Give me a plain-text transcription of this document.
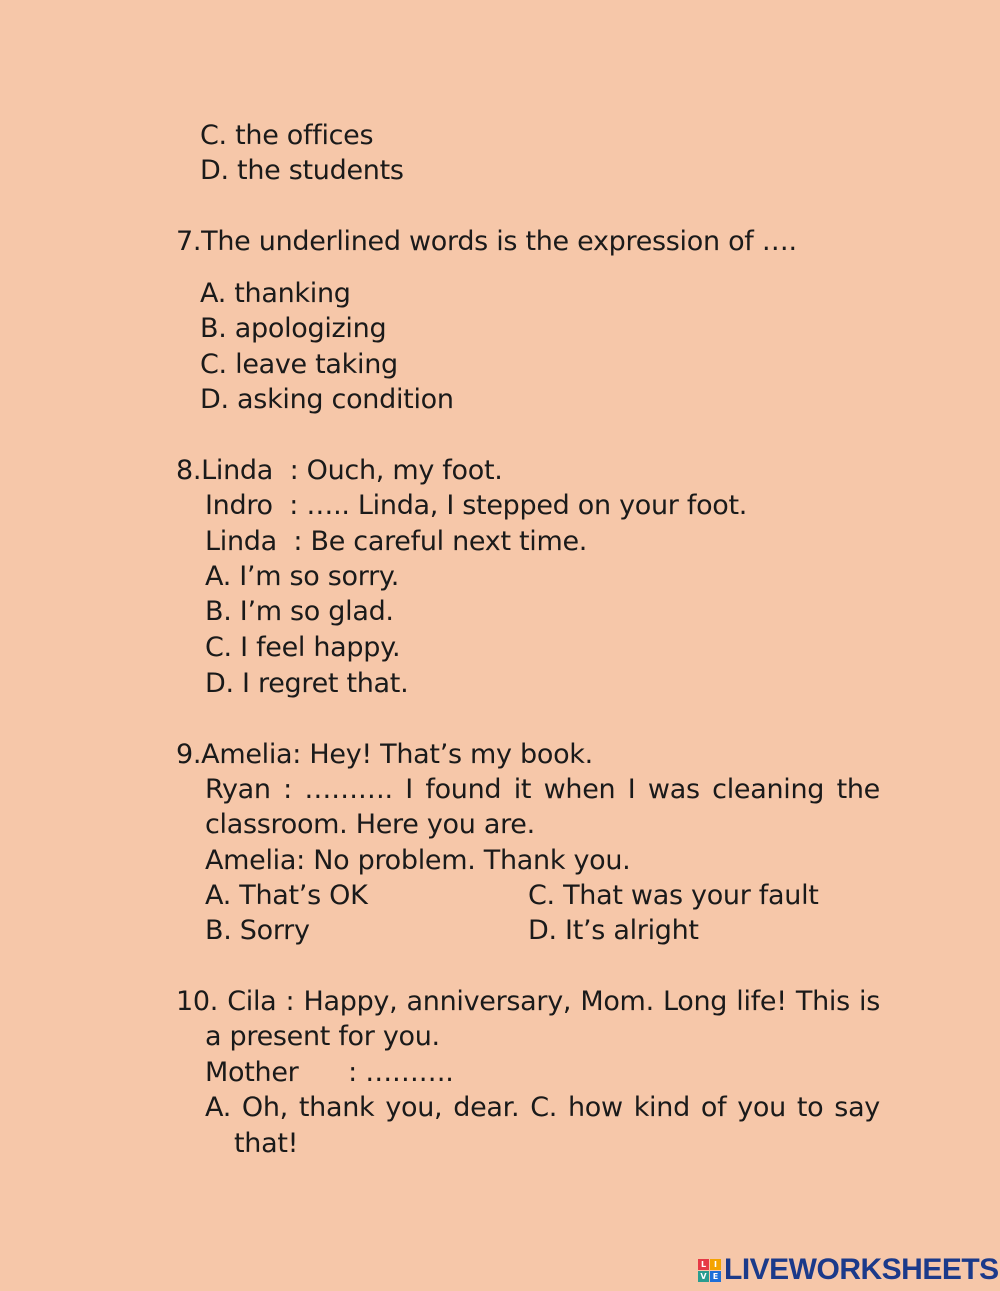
C. the offices
D. the students
7.The underlined words is the expression of ….
A. thanking
B. apologizing
C. leave taking
D. asking condition
8.Linda  : Ouch, my foot.
Indro  : ….. Linda, I stepped on your foot.
Linda  : Be careful next time.
A. I’m so sorry.
B. I’m so glad.
C. I feel happy.
D. I regret that.
9.Amelia: Hey! That’s my book.
Ryan : ………. I found it when I was cleaning the
classroom. Here you are.
Amelia: No problem. Thank you.
A. That’s OK	C. That was your fault
B. Sorry	D. It’s alright
10. Cila : Happy, anniversary, Mom. Long life! This is
a present for you.
Mother      : ……….
A. Oh, thank you, dear. C. how kind of you to say
that!
L I
V E LIVEWORKSHEETS
